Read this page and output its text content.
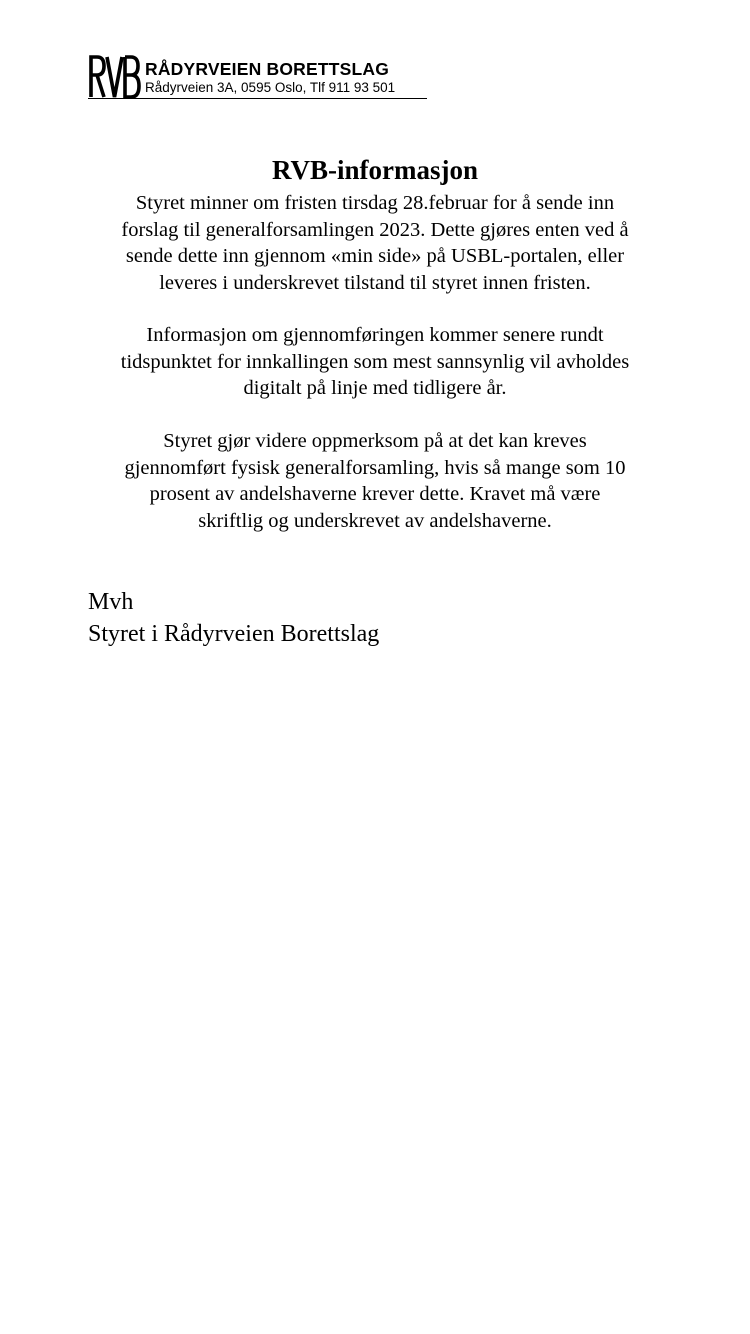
RÅDYRVEIEN BORETTSLAG
Rådyrveien 3A, 0595 Oslo, Tlf 911 93 501
RVB-informasjon

Styret minner om fristen tirsdag 28.februar for å sende inn
forslag til generalforsamlingen 2023. Dette gjøres enten ved å
sende dette inn gjennom «min side» på USBL-portalen, eller
leveres i underskrevet tilstand til styret innen fristen.

Informasjon om gjennomføringen kommer senere rundt
tidspunktet for innkallingen som mest sannsynlig vil avholdes
digitalt på linje med tidligere år.

Styret gjør videre oppmerksom på at det kan kreves
gjennomført fysisk generalforsamling, hvis så mange som 10
prosent av andelshaverne krever dette. Kravet må være
skriftlig og underskrevet av andelshaverne.

Mvh
Styret i Rådyrveien Borettslag
